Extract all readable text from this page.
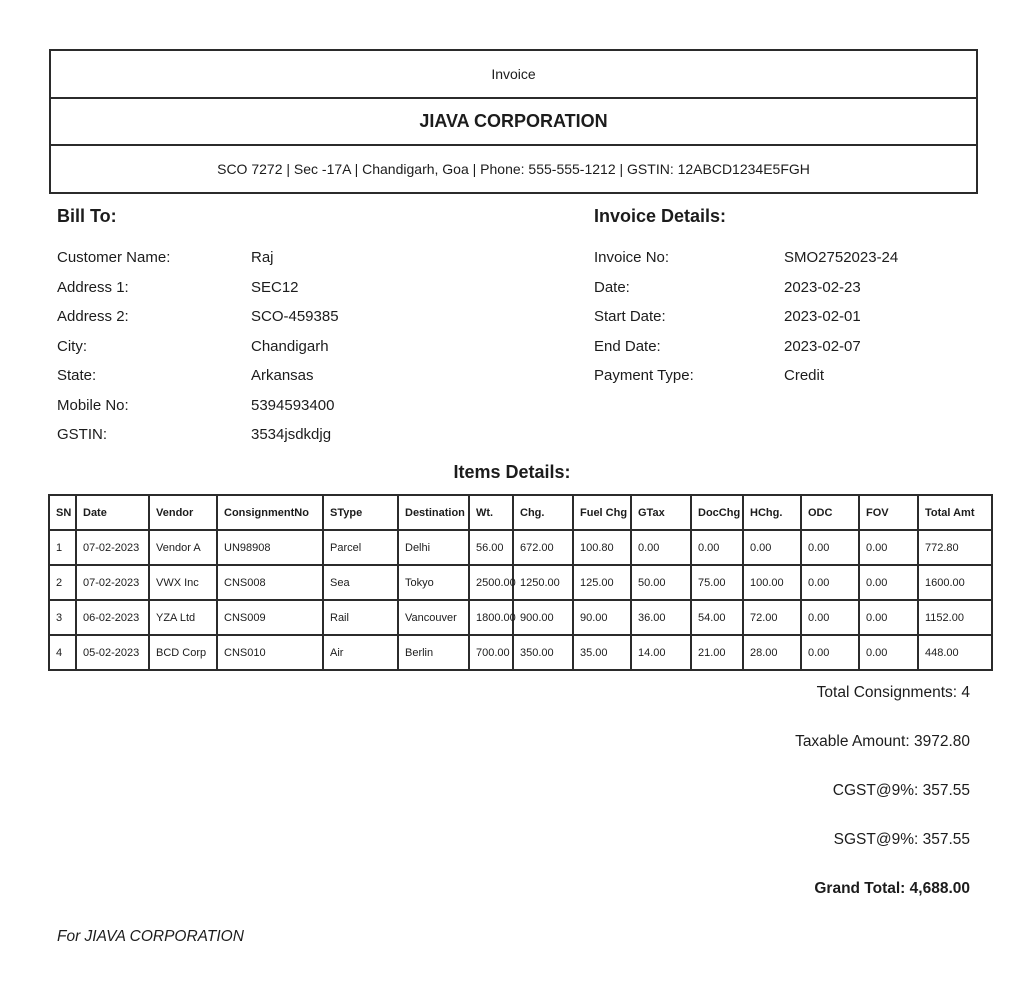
Invoice
JIAVA CORPORATION
SCO 7272 | Sec -17A | Chandigarh, Goa | Phone: 555-555-1212 | GSTIN: 12ABCD1234E5FGH
Bill To:
Customer Name:	Raj
Address 1:	SEC12
Address 2:	SCO-459385
City:	Chandigarh
State:	Arkansas
Mobile No:	5394593400
GSTIN:	3534jsdkdjg
Invoice Details:
Invoice No:	SMO2752023-24
Date:	2023-02-23
Start Date:	2023-02-01
End Date:	2023-02-07
Payment Type:	Credit
Items Details:
SN	Date	Vendor	ConsignmentNo	SType	Destination	Wt.	Chg.	Fuel Chg	GTax	DocChg	HChg.	ODC	FOV	Total Amt
1	07-02-2023	Vendor A	UN98908	Parcel	Delhi	56.00	672.00	100.80	0.00	0.00	0.00	0.00	0.00	772.80
2	07-02-2023	VWX Inc	CNS008	Sea	Tokyo	2500.00	1250.00	125.00	50.00	75.00	100.00	0.00	0.00	1600.00
3	06-02-2023	YZA Ltd	CNS009	Rail	Vancouver	1800.00	900.00	90.00	36.00	54.00	72.00	0.00	0.00	1152.00
4	05-02-2023	BCD Corp	CNS010	Air	Berlin	700.00	350.00	35.00	14.00	21.00	28.00	0.00	0.00	448.00
Total Consignments: 4
Taxable Amount: 3972.80
CGST@9%: 357.55
SGST@9%: 357.55
Grand Total: 4,688.00
For JIAVA CORPORATION
